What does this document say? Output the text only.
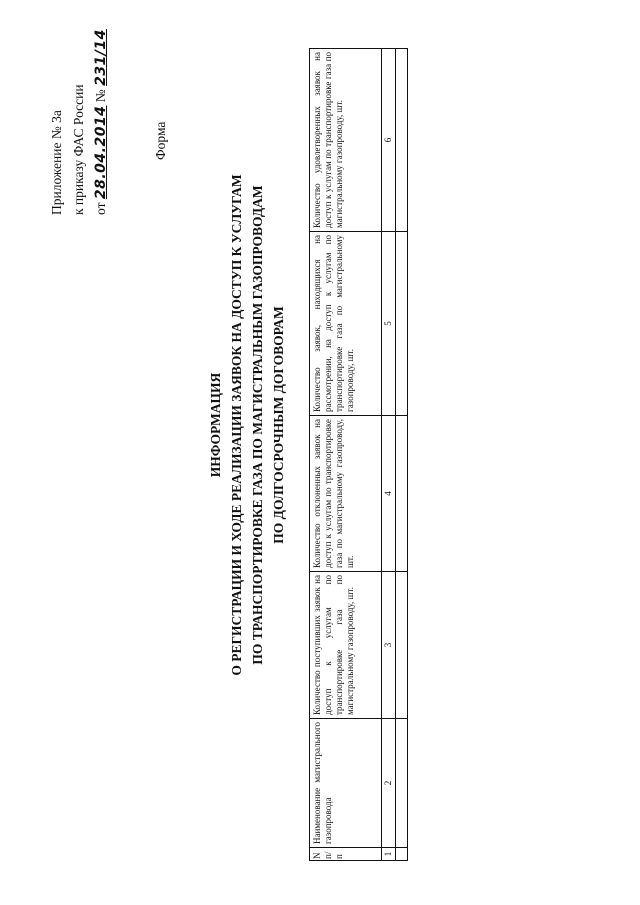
Приложение № 3а к приказу ФАС России от 28.04.2014 № 231/14
Форма
ИНФОРМАЦИЯ О РЕГИСТРАЦИИ И ХОДЕ РЕАЛИЗАЦИИ ЗАЯВОК НА ДОСТУП К УСЛУГАМ ПО ТРАНСПОРТИРОВКЕ ГАЗА ПО МАГИСТРАЛЬНЫМ ГАЗОПРОВОДАМ ПО ДОЛГОСРОЧНЫМ ДОГОВОРАМ
N п/п	Наименование магистрального газопровода	Количество поступивших заявок на доступ к услугам по транспортировке газа по магистральному газопроводу, шт.	Количество отклоненных заявок на доступ к услугам по транспортировке газа по магистральному газопроводу, шт.	Количество заявок, находящихся на рассмотрении, на доступ к услугам по транспортировке газа по магистральному газопроводу, шт.	Количество удовлетворенных заявок на доступ к услугам по транспортировке газа по магистральному газопроводу, шт.
1	2	3	4	5	6
